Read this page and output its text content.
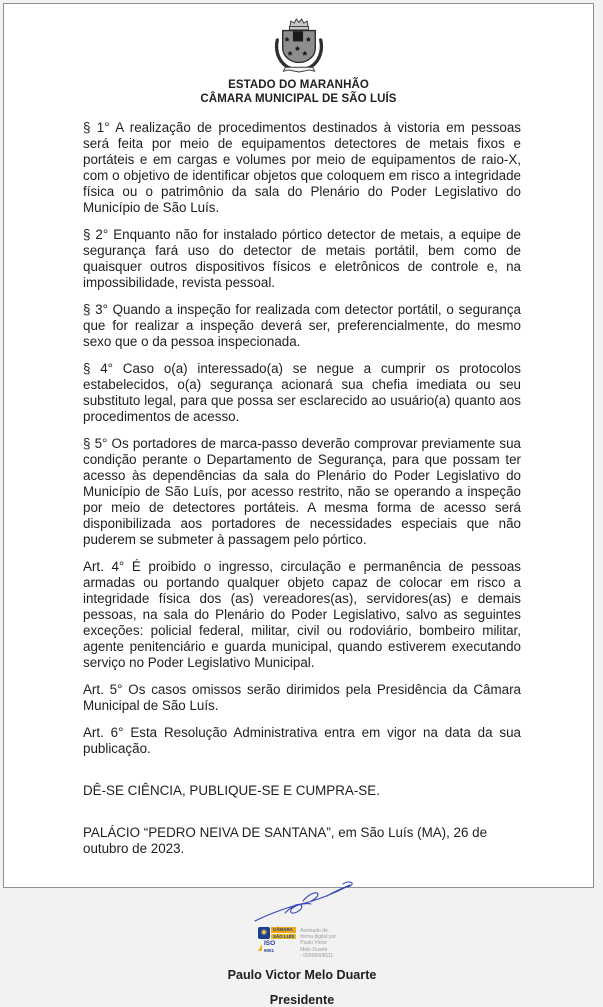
ESTADO DO MARANHÃO
CÂMARA MUNICIPAL DE SÃO LUÍS

§ 1° A realização de procedimentos destinados à vistoria em pessoas será feita por meio de equipamentos detectores de metais fixos e portáteis e em cargas e volumes por meio de equipamentos de raio-X, com o objetivo de identificar objetos que coloquem em risco a integridade física ou o patrimônio da sala do Plenário do Poder Legislativo do Município de São Luís.

§ 2° Enquanto não for instalado pórtico detector de metais, a equipe de segurança fará uso do detector de metais portátil, bem como de quaisquer outros dispositivos físicos e eletrônicos de controle e, na impossibilidade, revista pessoal.

§ 3° Quando a inspeção for realizada com detector portátil, o segurança que for realizar a inspeção deverá ser, preferencialmente, do mesmo sexo que o da pessoa inspecionada.

§ 4° Caso o(a) interessado(a) se negue a cumprir os protocolos estabelecidos, o(a) segurança acionará sua chefia imediata ou seu substituto legal, para que possa ser esclarecido ao usuário(a) quanto aos procedimentos de acesso.

§ 5° Os portadores de marca-passo deverão comprovar previamente sua condição perante o Departamento de Segurança, para que possam ter acesso às dependências da sala do Plenário do Poder Legislativo do Município de São Luís, por acesso restrito, não se operando a inspeção por meio de detectores portáteis. A mesma forma de acesso será disponibilizada aos portadores de necessidades especiais que não puderem se submeter à passagem pelo pórtico.

Art. 4° É proibido o ingresso, circulação e permanência de pessoas armadas ou portando qualquer objeto capaz de colocar em risco a integridade física dos (as) vereadores(as), servidores(as) e demais pessoas, na sala do Plenário do Poder Legislativo, salvo as seguintes exceções: policial federal, militar, civil ou rodoviário, bombeiro militar, agente penitenciário e guarda municipal, quando estiverem executando serviço no Poder Legislativo Municipal.

Art. 5° Os casos omissos serão dirimidos pela Presidência da Câmara Municipal de São Luís.

Art. 6° Esta Resolução Administrativa entra em vigor na data da sua publicação.

DÊ-SE CIÊNCIA, PUBLIQUE-SE E CUMPRA-SE.

PALÁCIO “PEDRO NEIVA DE SANTANA”, em São Luís (MA), 26 de outubro de 2023.

◉	CÂMARA
SÃO LUÍS
ISO
9001
Assinado de
forma digital por
Paulo Victor
Melo Duarte
- 00508908111
Paulo Victor Melo Duarte
Presidente
